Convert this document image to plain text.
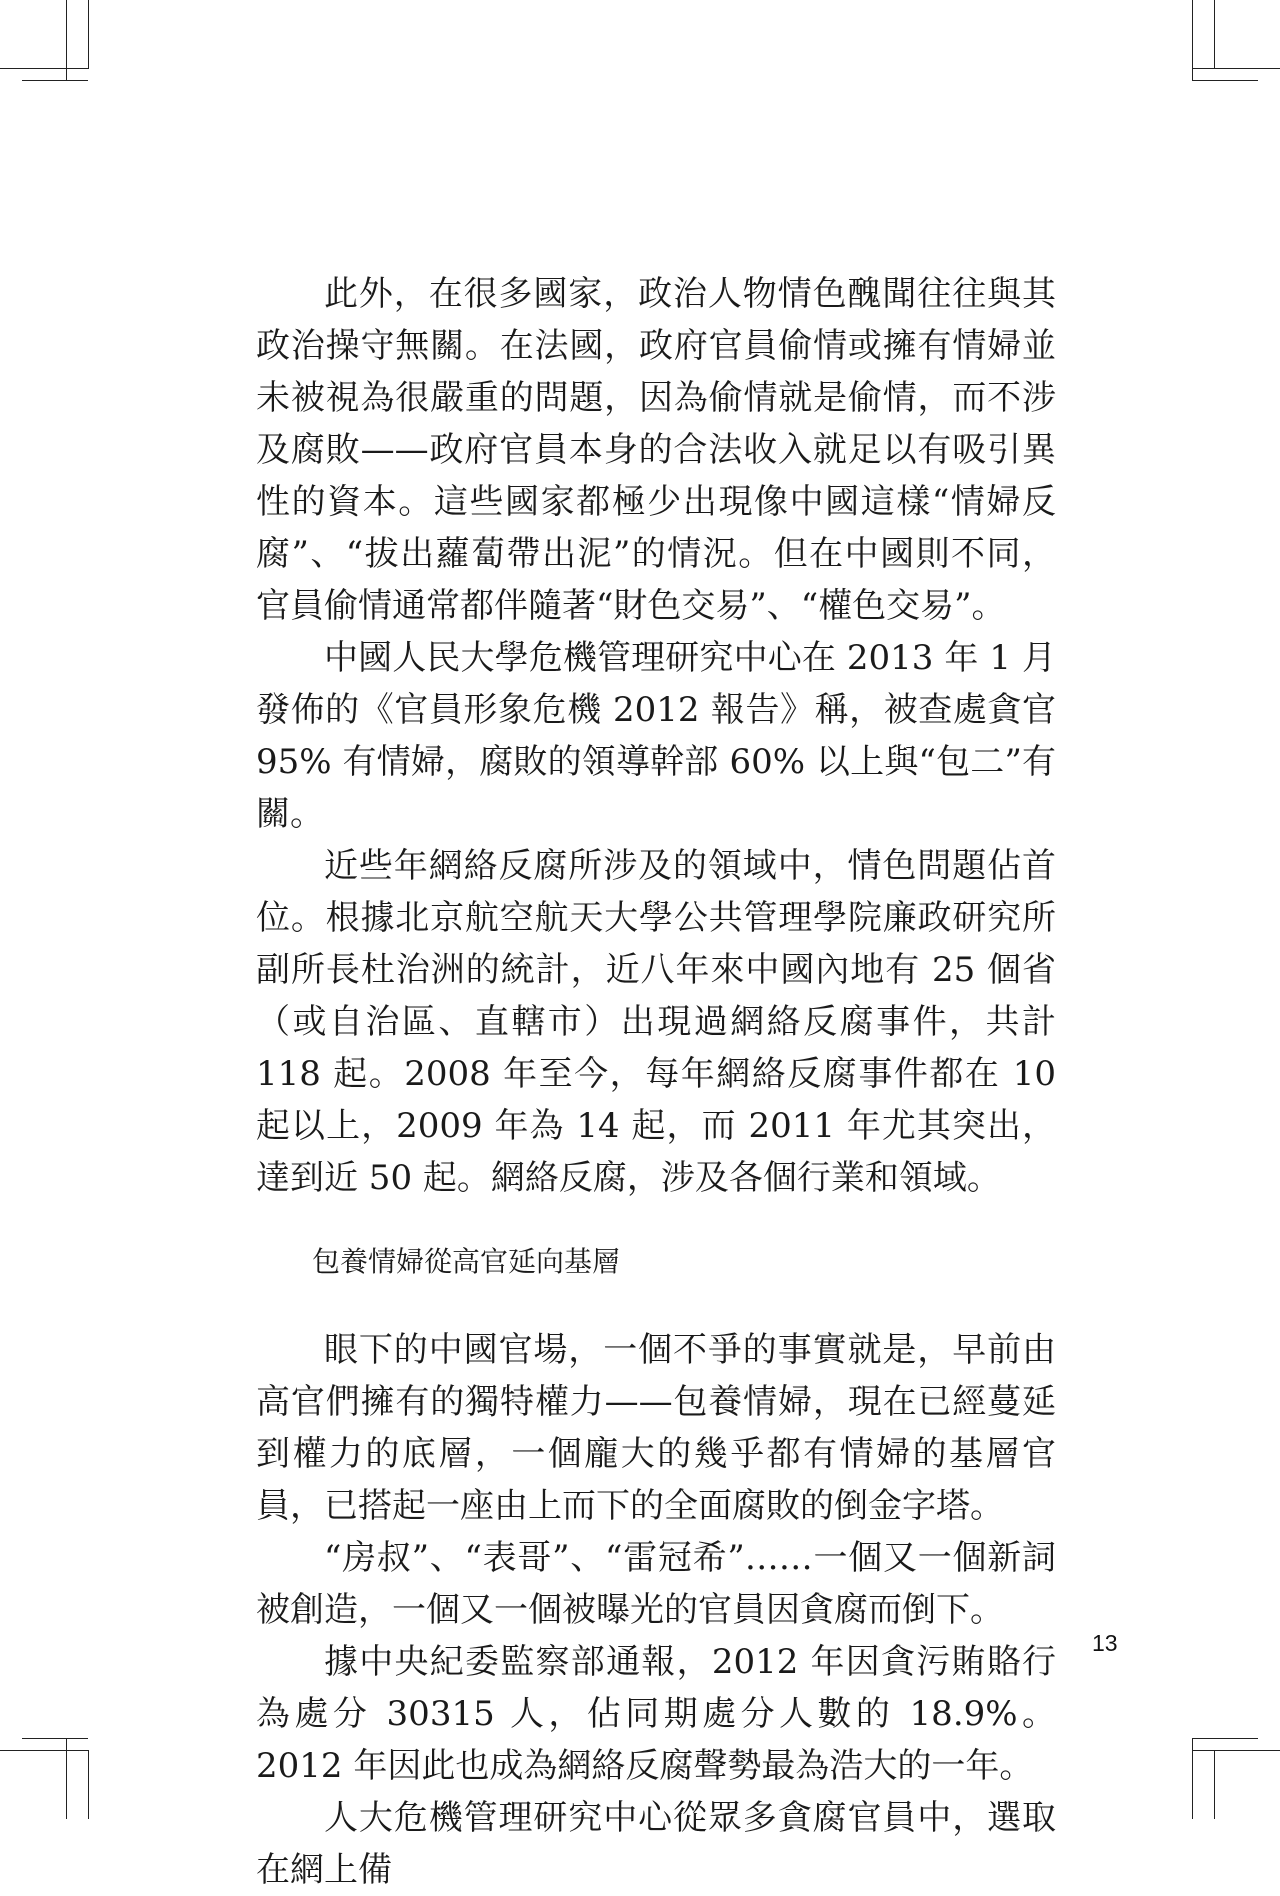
此外，在很多國家，政治人物情色醜聞往往與其政治操守無關。在法國，政府官員偷情或擁有情婦並未被視為很嚴重的問題，因為偷情就是偷情，而不涉及腐敗——政府官員本身的合法收入就足以有吸引異性的資本。這些國家都極少出現像中國這樣“情婦反腐”、“拔出蘿蔔帶出泥”的情況。但在中國則不同，官員偷情通常都伴隨著“財色交易”、“權色交易”。

中國人民大學危機管理研究中心在 2013 年 1 月發佈的《官員形象危機 2012 報告》稱，被查處貪官 95% 有情婦，腐敗的領導幹部 60% 以上與“包二”有關。

近些年網絡反腐所涉及的領域中，情色問題佔首位。根據北京航空航天大學公共管理學院廉政研究所副所長杜治洲的統計，近八年來中國內地有 25 個省（或自治區、直轄市）出現過網絡反腐事件，共計 118 起。2008 年至今，每年網絡反腐事件都在 10 起以上，2009 年為 14 起，而 2011 年尤其突出，達到近 50 起。網絡反腐，涉及各個行業和領域。

包養情婦從高官延向基層

眼下的中國官場，一個不爭的事實就是，早前由高官們擁有的獨特權力——包養情婦，現在已經蔓延到權力的底層，一個龐大的幾乎都有情婦的基層官員，已搭起一座由上而下的全面腐敗的倒金字塔。

“房叔”、“表哥”、“雷冠希”……一個又一個新詞被創造，一個又一個被曝光的官員因貪腐而倒下。

據中央紀委監察部通報，2012 年因貪污賄賂行為處分 30315 人，佔同期處分人數的 18.9%。2012 年因此也成為網絡反腐聲勢最為浩大的一年。

人大危機管理研究中心從眾多貪腐官員中，選取在網上備

13
